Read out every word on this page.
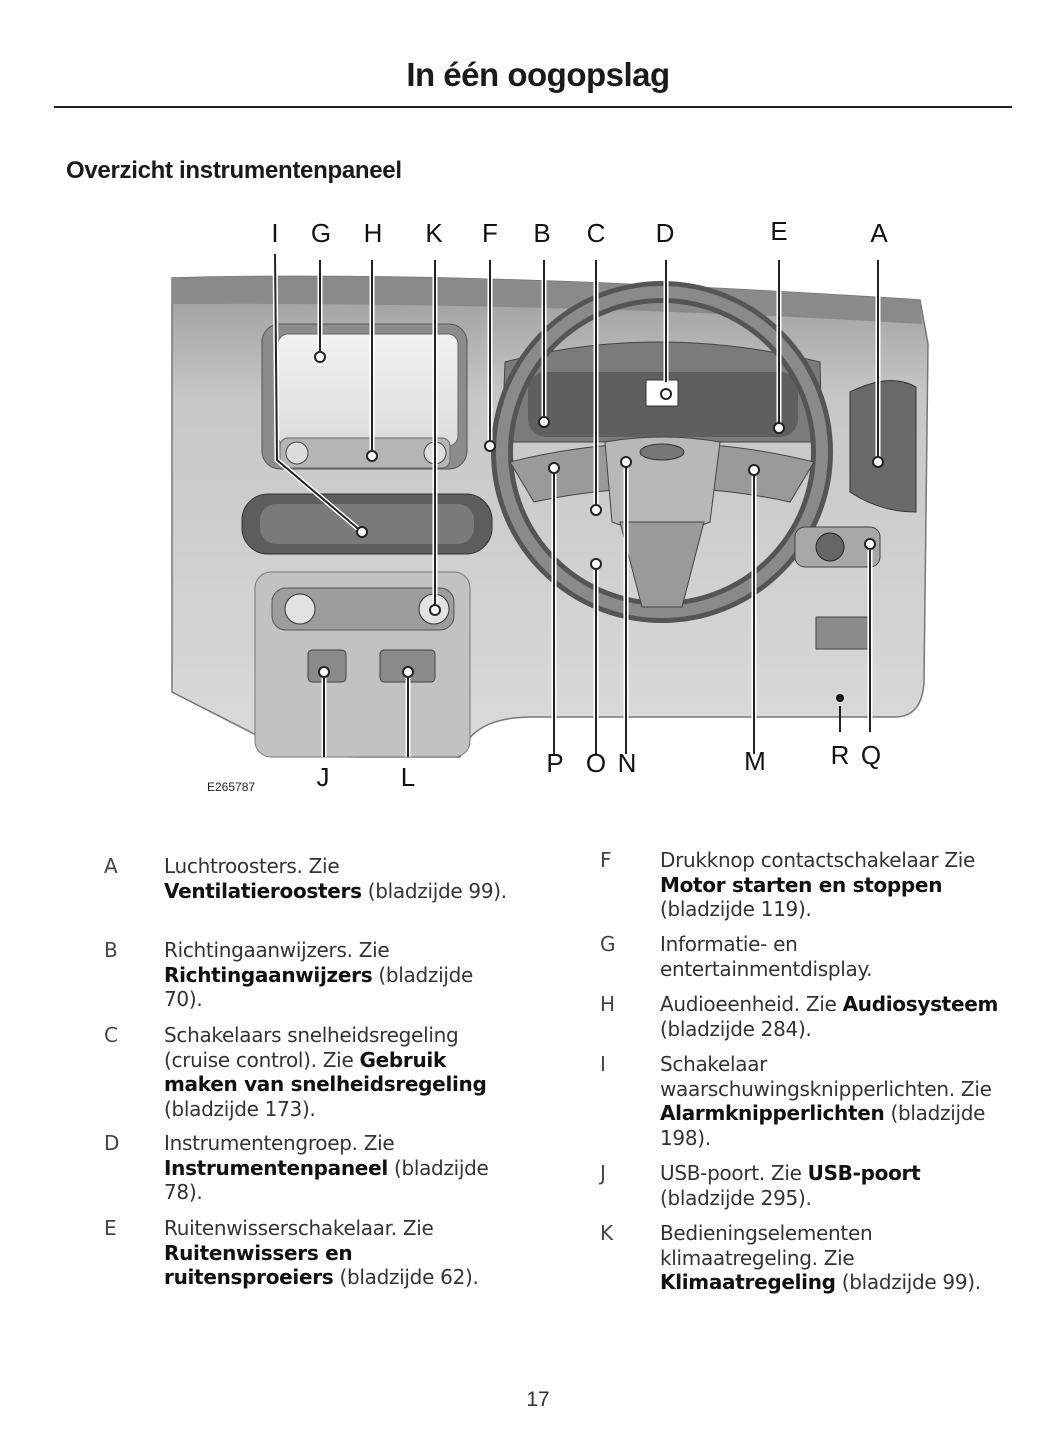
In één oogopslag
Overzicht instrumentenpaneel
I	G H K F B C D	E	A
J	L	P O N	M R Q
E265787
A	Luchtroosters. Zie Ventilatieroosters (bladzijde 99).
B	Richtingaanwijzers. Zie Richtingaanwijzers (bladzijde 70).
C	Schakelaars snelheidsregeling (cruise control). Zie Gebruik maken van snelheidsregeling (bladzijde 173).
D Instrumentengroep. Zie Instrumentenpaneel (bladzijde 78).
E	Ruitenwisserschakelaar. Zie Ruitenwissers en ruitensproeiers (bladzijde 62).
F	Drukknop contactschakelaar Zie Motor starten en stoppen (bladzijde 119).
G Informatie- en entertainmentdisplay.
H Audioeenheid. Zie Audiosysteem (bladzijde 284).
I	Schakelaar waarschuwingsknipperlichten. Zie Alarmknipperlichten (bladzijde 198).
J	USB-poort. Zie USB-poort (bladzijde 295).
K	Bedieningselementen klimaatregeling. Zie Klimaatregeling (bladzijde 99).
17
